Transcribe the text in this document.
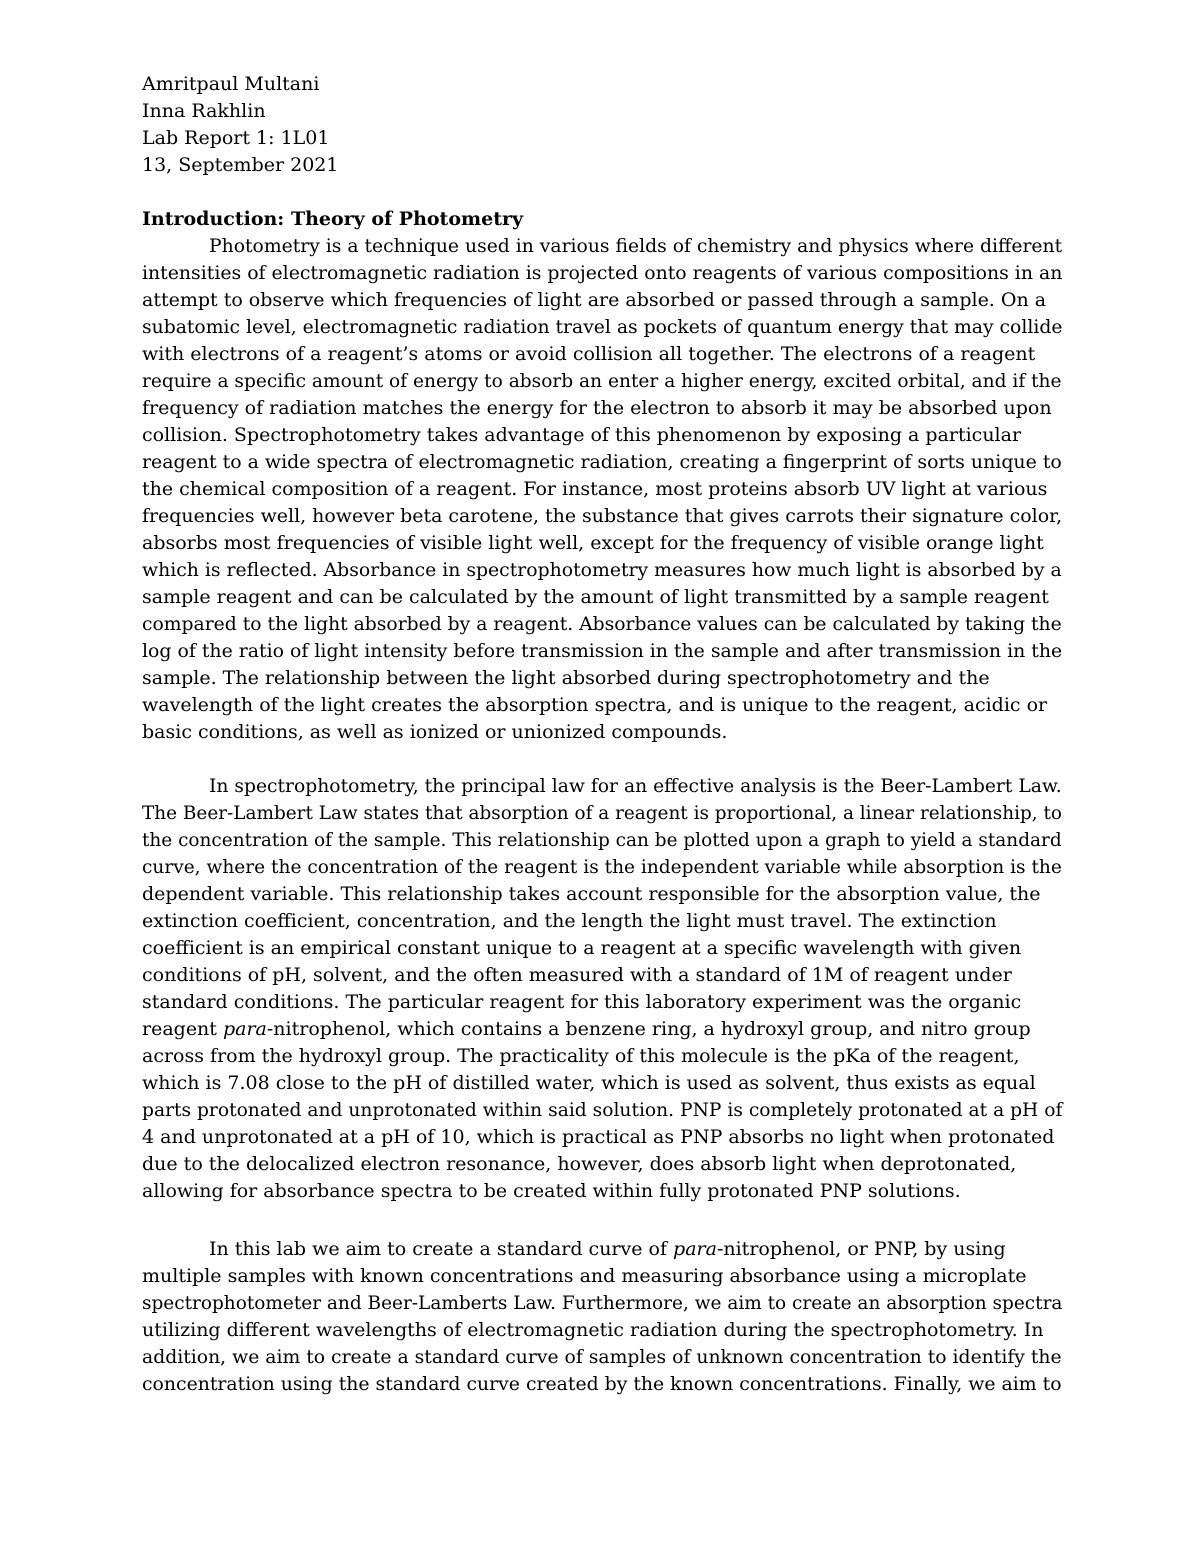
Amritpaul Multani
Inna Rakhlin
Lab Report 1: 1L01
13, September 2021
Introduction: Theory of Photometry
Photometry is a technique used in various fields of chemistry and physics where different
intensities of electromagnetic radiation is projected onto reagents of various compositions in an
attempt to observe which frequencies of light are absorbed or passed through a sample. On a
subatomic level, electromagnetic radiation travel as pockets of quantum energy that may collide
with electrons of a reagent’s atoms or avoid collision all together. The electrons of a reagent
require a specific amount of energy to absorb an enter a higher energy, excited orbital, and if the
frequency of radiation matches the energy for the electron to absorb it may be absorbed upon
collision. Spectrophotometry takes advantage of this phenomenon by exposing a particular
reagent to a wide spectra of electromagnetic radiation, creating a fingerprint of sorts unique to
the chemical composition of a reagent. For instance, most proteins absorb UV light at various
frequencies well, however beta carotene, the substance that gives carrots their signature color,
absorbs most frequencies of visible light well, except for the frequency of visible orange light
which is reflected. Absorbance in spectrophotometry measures how much light is absorbed by a
sample reagent and can be calculated by the amount of light transmitted by a sample reagent
compared to the light absorbed by a reagent. Absorbance values can be calculated by taking the
log of the ratio of light intensity before transmission in the sample and after transmission in the
sample. The relationship between the light absorbed during spectrophotometry and the
wavelength of the light creates the absorption spectra, and is unique to the reagent, acidic or
basic conditions, as well as ionized or unionized compounds.
In spectrophotometry, the principal law for an effective analysis is the Beer-Lambert Law.
The Beer-Lambert Law states that absorption of a reagent is proportional, a linear relationship, to
the concentration of the sample. This relationship can be plotted upon a graph to yield a standard
curve, where the concentration of the reagent is the independent variable while absorption is the
dependent variable. This relationship takes account responsible for the absorption value, the
extinction coefficient, concentration, and the length the light must travel. The extinction
coefficient is an empirical constant unique to a reagent at a specific wavelength with given
conditions of pH, solvent, and the often measured with a standard of 1M of reagent under
standard conditions. The particular reagent for this laboratory experiment was the organic
reagent para-nitrophenol, which contains a benzene ring, a hydroxyl group, and nitro group
across from the hydroxyl group. The practicality of this molecule is the pKa of the reagent,
which is 7.08 close to the pH of distilled water, which is used as solvent, thus exists as equal
parts protonated and unprotonated within said solution. PNP is completely protonated at a pH of
4 and unprotonated at a pH of 10, which is practical as PNP absorbs no light when protonated
due to the delocalized electron resonance, however, does absorb light when deprotonated,
allowing for absorbance spectra to be created within fully protonated PNP solutions.
In this lab we aim to create a standard curve of para-nitrophenol, or PNP, by using
multiple samples with known concentrations and measuring absorbance using a microplate
spectrophotometer and Beer-Lamberts Law. Furthermore, we aim to create an absorption spectra
utilizing different wavelengths of electromagnetic radiation during the spectrophotometry. In
addition, we aim to create a standard curve of samples of unknown concentration to identify the
concentration using the standard curve created by the known concentrations. Finally, we aim to
